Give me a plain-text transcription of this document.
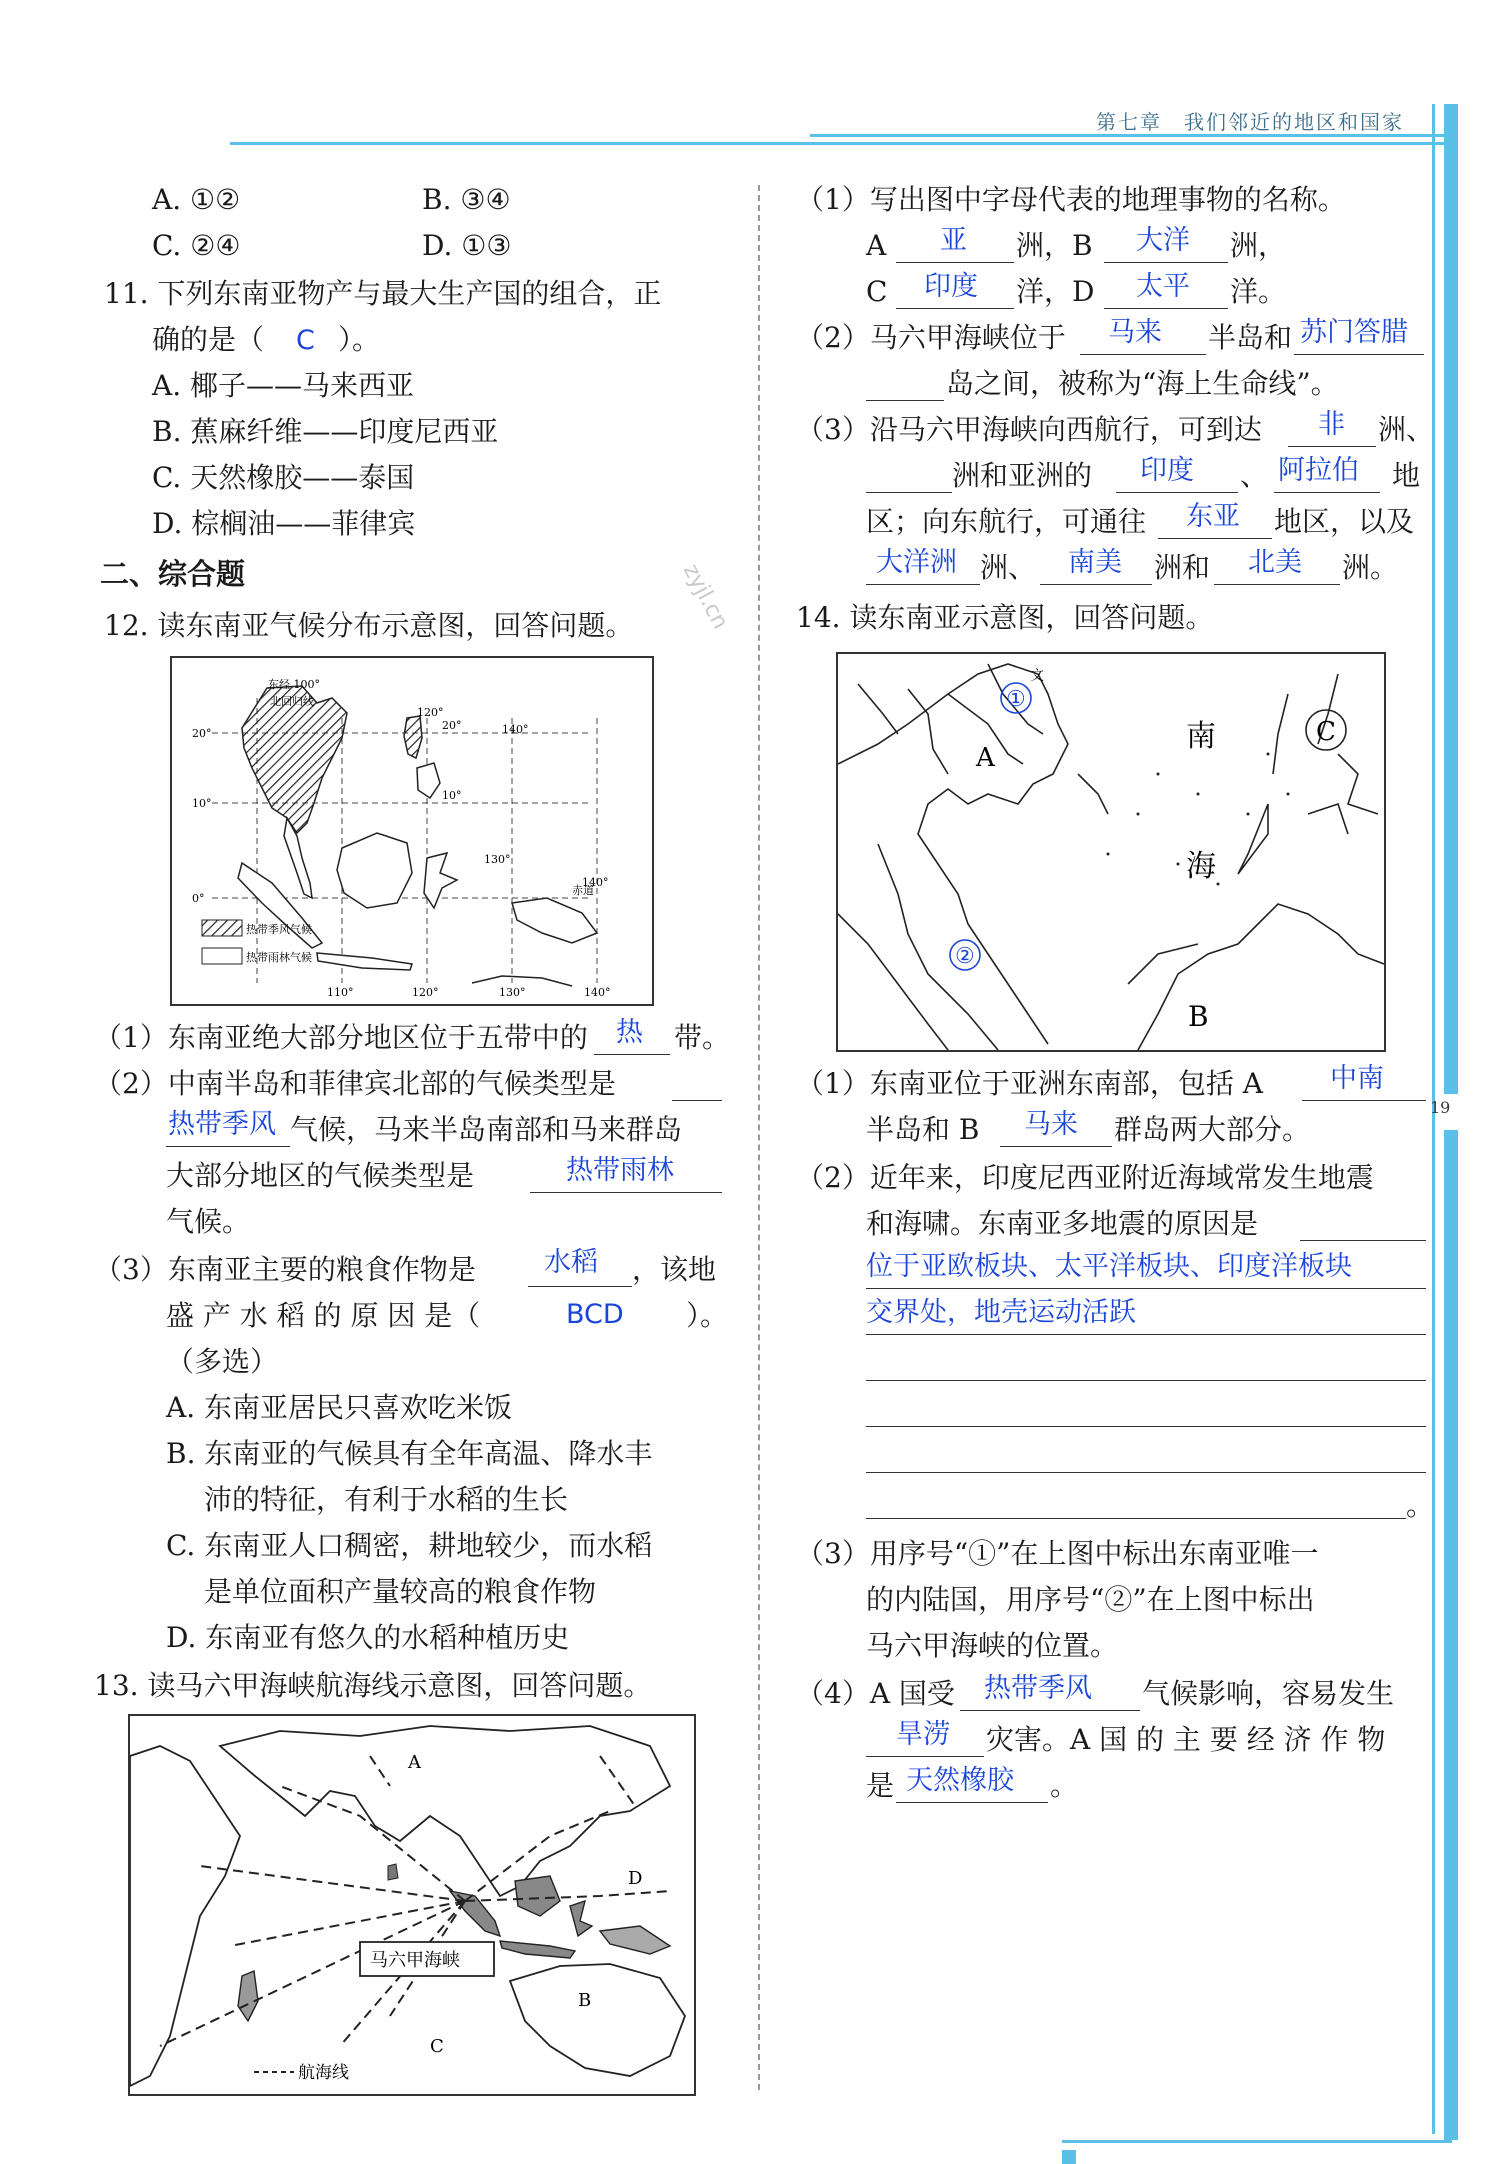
第七章　我们邻近的地区和国家
19
zyjl.cn
A. ①②	B. ③④
C. ②④	D. ①③
11. 下列东南亚物产与最大生产国的组合，正
确的是（ C ）。
A. 椰子——马来西亚
B. 蕉麻纤维——印度尼西亚
C. 天然橡胶——泰国
D. 棕榈油——菲律宾
二、综合题
12. 读东南亚气候分布示意图，回答问题。
东经 100°
北回归线
赤道
120°
140°
20°
10°
0°
20°
10°
130°
140°
110°	120°	130°	140°
热带季风气候
热带雨林气候
（1）东南亚绝大部分地区位于五带中的 热 带。
（2）中南半岛和菲律宾北部的气候类型是
热带季风 气候，马来半岛南部和马来群岛
大部分地区的气候类型是	热带雨林
气候。
（3）东南亚主要的粮食作物是	水稻 ，该地
盛 产 水 稻 的 原 因 是（	BCD ）。
（多选）
A. 东南亚居民只喜欢吃米饭
B. 东南亚的气候具有全年高温、降水丰
沛的特征，有利于水稻的生长
C. 东南亚人口稠密，耕地较少，而水稻
是单位面积产量较高的粮食作物
D. 东南亚有悠久的水稻种植历史
13. 读马六甲海峡航海线示意图，回答问题。
A
B
C
D
马六甲海峡
航海线
（1）写出图中字母代表的地理事物的名称。
A 亚 洲，B 大洋 洲，
C 印度 洋，D 太平 洋。
（2）马六甲海峡位于 马来 半岛和 苏门答腊
岛之间，被称为“海上生命线”。
（3）沿马六甲海峡向西航行，可到达 非 洲、
洲和亚洲的 印度 、 阿拉伯 地
区；向东航行，可通往 东亚 地区，以及
大洋洲 洲、 南美 洲和 北美 洲。
14. 读东南亚示意图，回答问题。
文
①
②
A
南
海
C
B
（1）东南亚位于亚洲东南部，包括 A 中南
半岛和 B 马来 群岛两大部分。
（2）近年来，印度尼西亚附近海域常发生地震
和海啸。东南亚多地震的原因是
位于亚欧板块、太平洋板块、印度洋板块
交界处，地壳运动活跃
。
（3）用序号“①”在上图中标出东南亚唯一
的内陆国，用序号“②”在上图中标出
马六甲海峡的位置。
（4）A 国受 热带季风 气候影响，容易发生
旱涝 灾害。A 国 的 主 要 经 济 作 物
是 天然橡胶 。
